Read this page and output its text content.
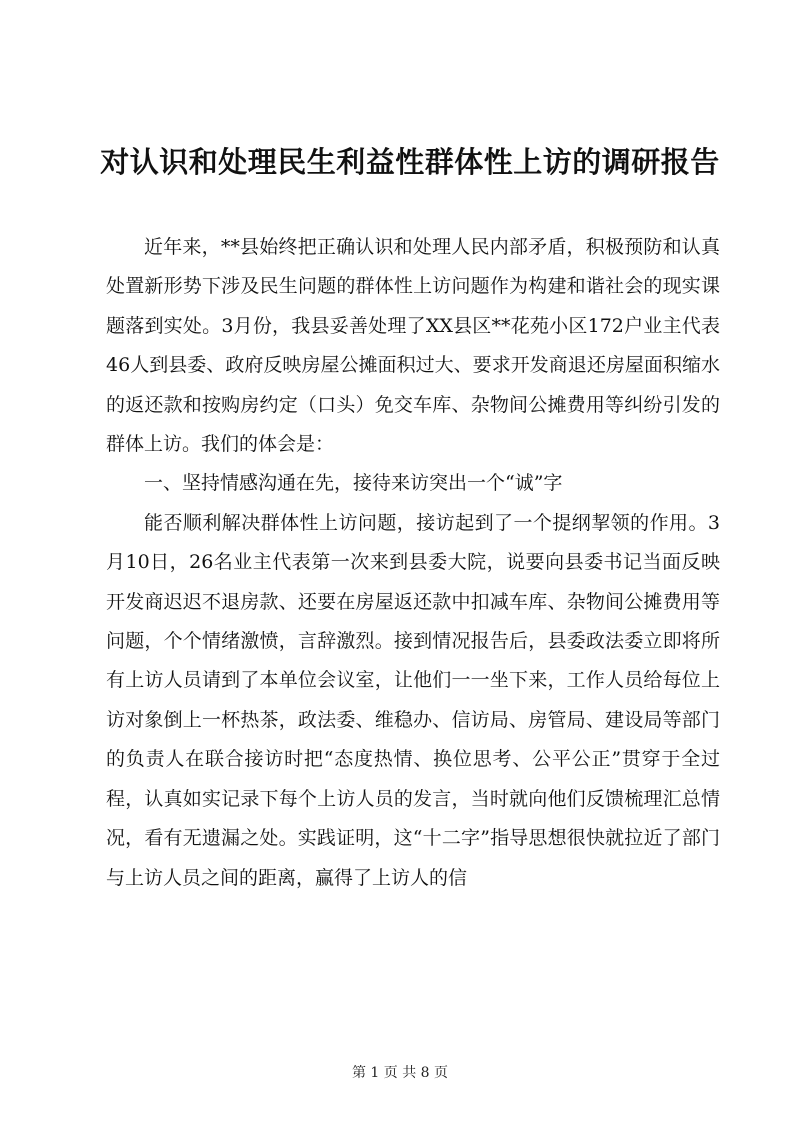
对认识和处理民生利益性群体性上访的调研报告

近年来，**县始终把正确认识和处理人民内部矛盾，积极预防和认真处置新形势下涉及民生问题的群体性上访问题作为构建和谐社会的现实课题落到实处。3月份，我县妥善处理了XX县区**花苑小区172户业主代表46人到县委、政府反映房屋公摊面积过大、要求开发商退还房屋面积缩水的返还款和按购房约定（口头）免交车库、杂物间公摊费用等纠纷引发的群体上访。我们的体会是：

一、坚持情感沟通在先，接待来访突出一个“诚”字

能否顺利解决群体性上访问题，接访起到了一个提纲挈领的作用。3月10日，26名业主代表第一次来到县委大院，说要向县委书记当面反映开发商迟迟不退房款、还要在房屋返还款中扣减车库、杂物间公摊费用等问题，个个情绪激愤，言辞激烈。接到情况报告后，县委政法委立即将所有上访人员请到了本单位会议室，让他们一一坐下来，工作人员给每位上访对象倒上一杯热茶，政法委、维稳办、信访局、房管局、建设局等部门的负责人在联合接访时把“态度热情、换位思考、公平公正”贯穿于全过程，认真如实记录下每个上访人员的发言，当时就向他们反馈梳理汇总情况，看有无遗漏之处。实践证明，这“十二字”指导思想很快就拉近了部门与上访人员之间的距离，赢得了上访人的信

第 1 页 共 8 页
